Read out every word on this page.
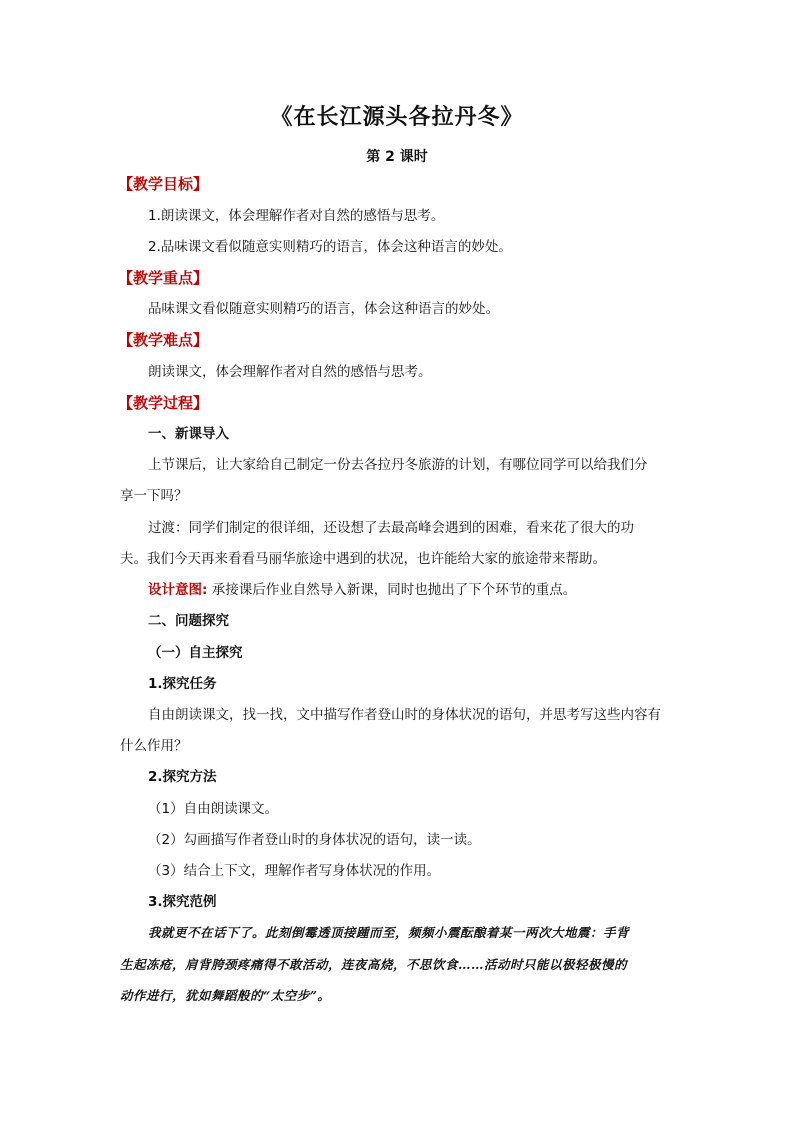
《在长江源头各拉丹冬》
第 2 课时
【教学目标】
1.朗读课文，体会理解作者对自然的感悟与思考。
2.品味课文看似随意实则精巧的语言，体会这种语言的妙处。
【教学重点】
品味课文看似随意实则精巧的语言，体会这种语言的妙处。
【教学难点】
朗读课文，体会理解作者对自然的感悟与思考。
【教学过程】
一、新课导入
上节课后，让大家给自己制定一份去各拉丹冬旅游的计划，有哪位同学可以给我们分
享一下吗？
过渡：同学们制定的很详细，还设想了去最高峰会遇到的困难，看来花了很大的功
夫。我们今天再来看看马丽华旅途中遇到的状况，也许能给大家的旅途带来帮助。
设计意图: 承接课后作业自然导入新课，同时也抛出了下个环节的重点。
二、问题探究
（一）自主探究
1.探究任务
自由朗读课文，找一找，文中描写作者登山时的身体状况的语句，并思考写这些内容有
什么作用？
2.探究方法
（1）自由朗读课文。
（2）勾画描写作者登山时的身体状况的语句，读一读。
（3）结合上下文，理解作者写身体状况的作用。
3.探究范例
我就更不在话下了。此刻倒霉透顶接踵而至，频频小震酝酿着某一两次大地震：手背
生起冻疮，肩背胯颈疼痛得不敢活动，连夜高烧，不思饮食……活动时只能以极轻极慢的
动作进行，犹如舞蹈般的“太空步”。
